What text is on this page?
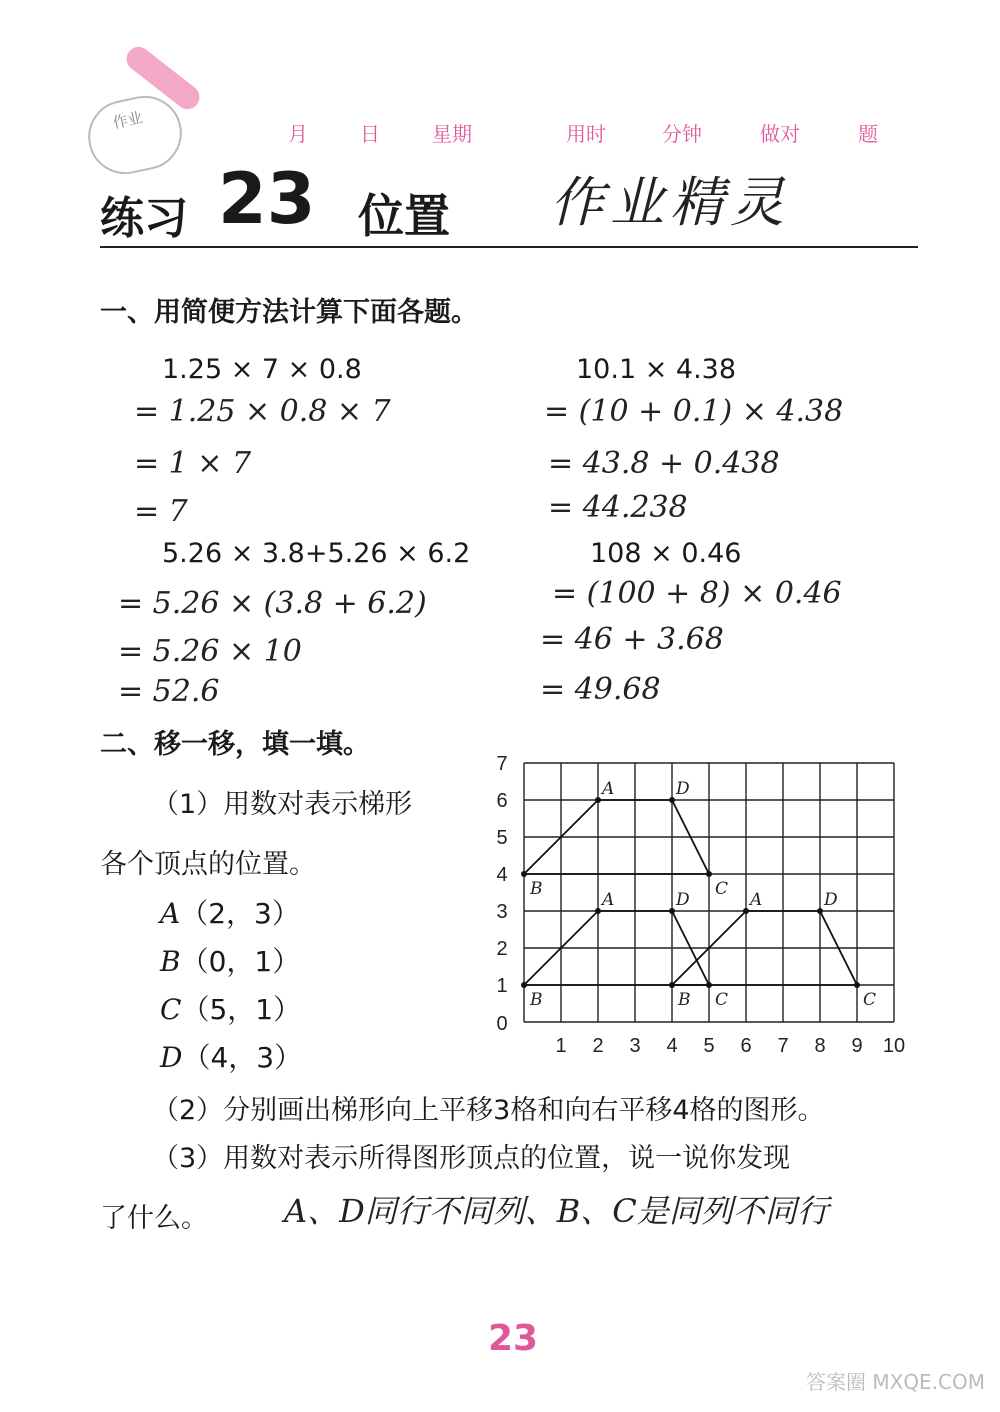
作业
月	日	星期	用时	分钟	做对	题
练习 23 位置 作业精灵
一、用简便方法计算下面各题。
1.25 × 7 × 0.8
= 1.25 × 0.8 × 7
= 1 × 7
= 7
10.1 × 4.38
= (10 + 0.1) × 4.38
= 43.8 + 0.438
= 44.238
5.26 × 3.8+5.26 × 6.2
= 5.26 × (3.8 + 6.2)
= 5.26 × 10
= 52.6
108 × 0.46
= (100 + 8) × 0.46
= 46 + 3.68
= 49.68
二、移一移，填一填。
（1）用数对表示梯形
各个顶点的位置。
A（2，3）
B（0，1）
C（5，1）
D（4，3）
0
1 2 3 4 5 6 7 8 9 10
1
2
3
4
5
6
7
B
A	D
C
B
A	D
C
B
A	D
C
（2）分别画出梯形向上平移3格和向右平移4格的图形。
（3）用数对表示所得图形顶点的位置，说一说你发现
了什么。 A、D同行不同列、B、C是同列不同行
23
答案圈 MXQE.COM
